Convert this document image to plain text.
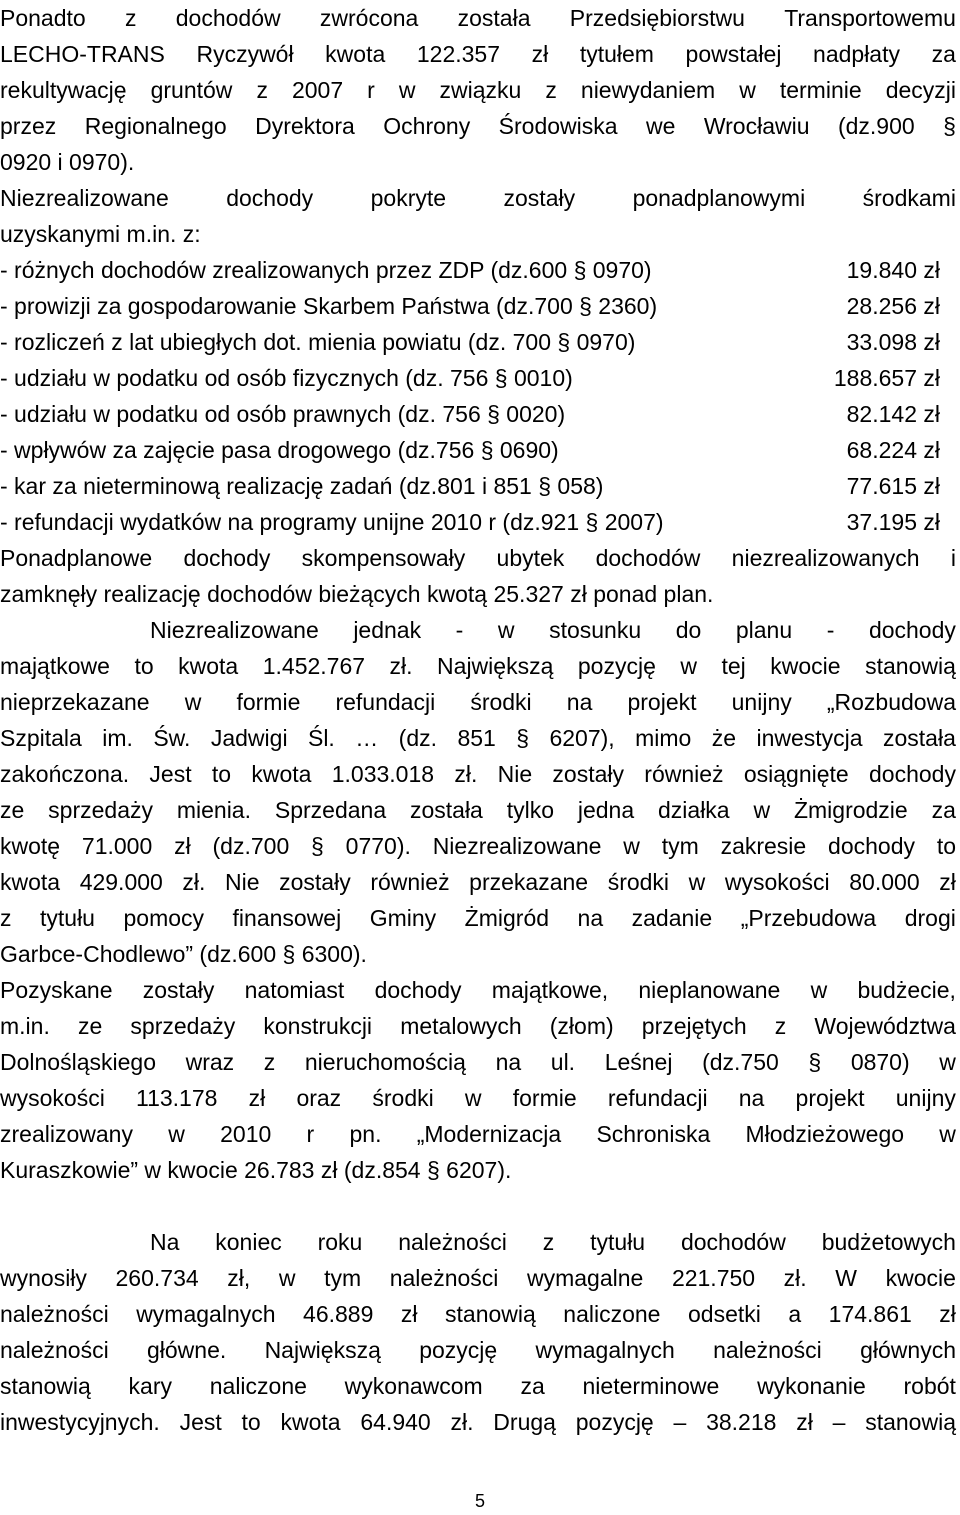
Ponadto z dochodów zwrócona została Przedsiębiorstwu Transportowemu
LECHO-TRANS Ryczywół kwota 122.357 zł tytułem powstałej nadpłaty za
rekultywację gruntów z 2007 r w związku z niewydaniem w terminie decyzji
przez Regionalnego Dyrektora Ochrony Środowiska we Wrocławiu (dz.900 §
0920 i 0970).
Niezrealizowane dochody pokryte zostały ponadplanowymi środkami
uzyskanymi m.in. z:
- różnych dochodów zrealizowanych przez ZDP (dz.600 § 0970)	19.840 zł
- prowizji za gospodarowanie Skarbem Państwa (dz.700 § 2360)	28.256 zł
- rozliczeń z lat ubiegłych dot. mienia powiatu (dz. 700 § 0970)	33.098 zł
- udziału w podatku od osób fizycznych (dz. 756 § 0010)	188.657 zł
- udziału w podatku od osób prawnych (dz. 756 § 0020)	82.142 zł
- wpływów za zajęcie pasa drogowego (dz.756 § 0690)	68.224 zł
- kar za nieterminową realizację zadań (dz.801 i 851 § 058)	77.615 zł
- refundacji wydatków na programy unijne 2010 r (dz.921 § 2007)	37.195 zł
Ponadplanowe dochody skompensowały ubytek dochodów niezrealizowanych i
zamknęły realizację dochodów bieżących kwotą 25.327 zł ponad plan.
Niezrealizowane jednak - w stosunku do planu - dochody
majątkowe to kwota 1.452.767 zł. Największą pozycję w tej kwocie stanowią
nieprzekazane w formie refundacji środki na projekt unijny „Rozbudowa
Szpitala im. Św. Jadwigi Śl. … (dz. 851 § 6207), mimo że inwestycja została
zakończona. Jest to kwota 1.033.018 zł. Nie zostały również osiągnięte dochody
ze sprzedaży mienia. Sprzedana została tylko jedna działka w Żmigrodzie za
kwotę 71.000 zł (dz.700 § 0770). Niezrealizowane w tym zakresie dochody to
kwota 429.000 zł. Nie zostały również przekazane środki w wysokości 80.000 zł
z tytułu pomocy finansowej Gminy Żmigród na zadanie „Przebudowa drogi
Garbce-Chodlewo” (dz.600 § 6300).
Pozyskane zostały natomiast dochody majątkowe, nieplanowane w budżecie,
m.in. ze sprzedaży konstrukcji metalowych (złom) przejętych z Województwa
Dolnośląskiego wraz z nieruchomością na ul. Leśnej (dz.750 § 0870) w
wysokości 113.178 zł oraz środki w formie refundacji na projekt unijny
zrealizowany w 2010 r pn. „Modernizacja Schroniska Młodzieżowego w
Kuraszkowie” w kwocie 26.783 zł (dz.854 § 6207).
Na koniec roku należności z tytułu dochodów budżetowych
wynosiły 260.734 zł, w tym należności wymagalne 221.750 zł. W kwocie
należności wymagalnych 46.889 zł stanowią naliczone odsetki a 174.861 zł
należności główne. Największą pozycję wymagalnych należności głównych
stanowią kary naliczone wykonawcom za nieterminowe wykonanie robót
inwestycyjnych. Jest to kwota 64.940 zł. Drugą pozycję – 38.218 zł – stanowią
5
